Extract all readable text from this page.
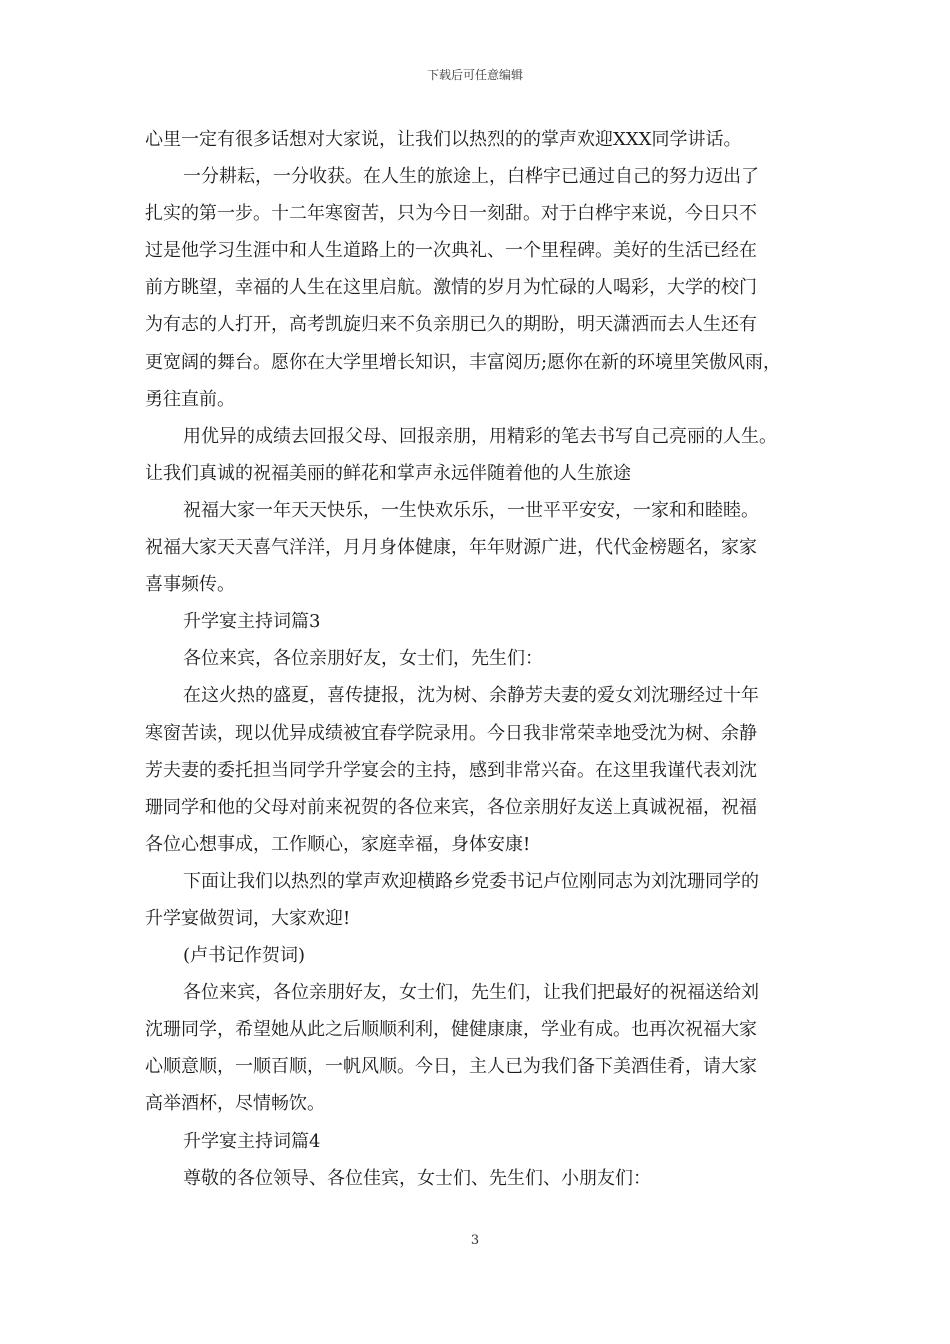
下载后可任意编辑
心里一定有很多话想对大家说，让我们以热烈的的掌声欢迎XXX同学讲话。
一分耕耘，一分收获。在人生的旅途上，白桦宇已通过自己的努力迈出了
扎实的第一步。十二年寒窗苦，只为今日一刻甜。对于白桦宇来说，今日只不
过是他学习生涯中和人生道路上的一次典礼、一个里程碑。美好的生活已经在
前方眺望，幸福的人生在这里启航。激情的岁月为忙碌的人喝彩，大学的校门
为有志的人打开，高考凯旋归来不负亲朋已久的期盼，明天潇洒而去人生还有
更宽阔的舞台。愿你在大学里增长知识，丰富阅历;愿你在新的环境里笑傲风雨，
勇往直前。
用优异的成绩去回报父母、回报亲朋，用精彩的笔去书写自己亮丽的人生。
让我们真诚的祝福美丽的鲜花和掌声永远伴随着他的人生旅途
祝福大家一年天天快乐，一生快欢乐乐，一世平平安安，一家和和睦睦。
祝福大家天天喜气洋洋，月月身体健康，年年财源广进，代代金榜题名，家家
喜事频传。
升学宴主持词篇3
各位来宾，各位亲朋好友，女士们，先生们：
在这火热的盛夏，喜传捷报，沈为树、余静芳夫妻的爱女刘沈珊经过十年
寒窗苦读，现以优异成绩被宜春学院录用。今日我非常荣幸地受沈为树、余静
芳夫妻的委托担当同学升学宴会的主持，感到非常兴奋。在这里我谨代表刘沈
珊同学和他的父母对前来祝贺的各位来宾，各位亲朋好友送上真诚祝福，祝福
各位心想事成，工作顺心，家庭幸福，身体安康!
下面让我们以热烈的掌声欢迎横路乡党委书记卢位刚同志为刘沈珊同学的
升学宴做贺词，大家欢迎!
(卢书记作贺词)
各位来宾，各位亲朋好友，女士们，先生们，让我们把最好的祝福送给刘
沈珊同学，希望她从此之后顺顺利利，健健康康，学业有成。也再次祝福大家
心顺意顺，一顺百顺，一帆风顺。今日，主人已为我们备下美酒佳肴，请大家
高举酒杯，尽情畅饮。
升学宴主持词篇4
尊敬的各位领导、各位佳宾，女士们、先生们、小朋友们：
3
